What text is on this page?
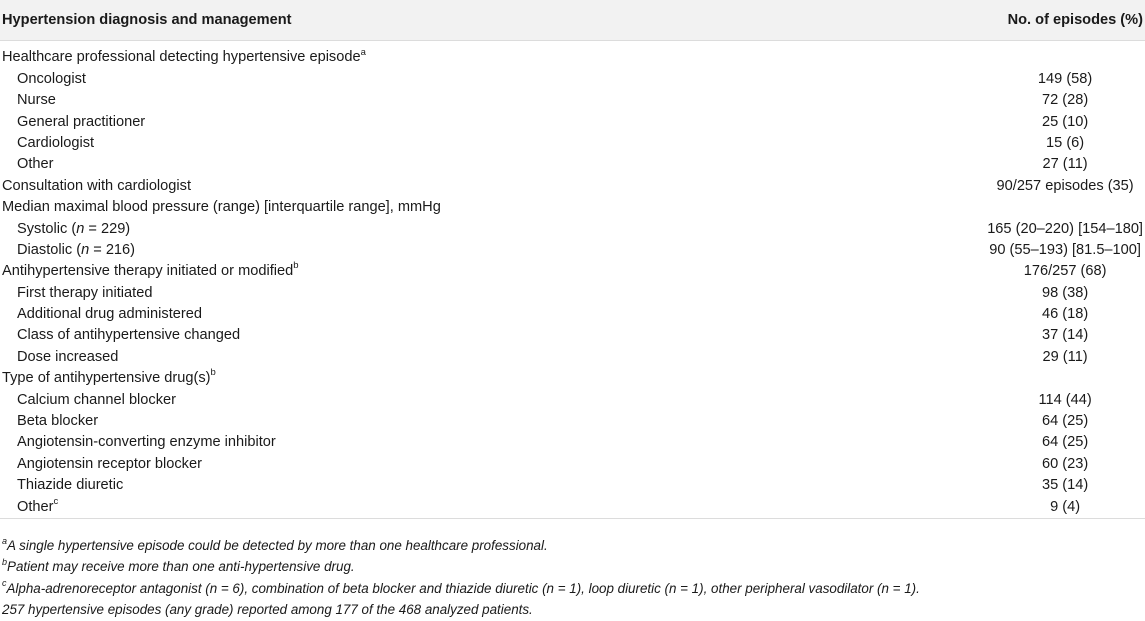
Hypertension diagnosis and management	No. of episodes (%)

Healthcare professional detecting hypertensive episode$^a$	
Oncologist	149 (58)
Nurse	72 (28)
General practitioner	25 (10)
Cardiologist	15 (6)
Other	27 (11)
Consultation with cardiologist	90/257 episodes (35)
Median maximal blood pressure (range) [interquartile range], mmHg	
Systolic (n = 229)	165 (20–220) [154–180]
Diastolic (n = 216)	90 (55–193) [81.5–100]
Antihypertensive therapy initiated or modified$^b$	176/257 (68)
First therapy initiated	98 (38)
Additional drug administered	46 (18)
Class of antihypertensive changed	37 (14)
Dose increased	29 (11)
Type of antihypertensive $drug(s)^b$	
Calcium channel blocker	114 (44)
Beta blocker	64 (25)
Angiotensin-converting enzyme inhibitor	64 (25)
Angiotensin receptor blocker	60 (23)
Thiazide diuretic	35 (14)
Other$^c$	9 (4)
$^a$A single hypertensive episode could be detected by more than one healthcare professional.
$^b$Patient may receive more than one anti-hypertensive drug.
$^c$Alpha-adrenoreceptor antagonist (n = 6), combination of beta blocker and thiazide diuretic (n = 1), loop diuretic (n = 1), other peripheral vasodilator (n = 1).
257 hypertensive episodes (any grade) reported among 177 of the 468 analyzed patients.
